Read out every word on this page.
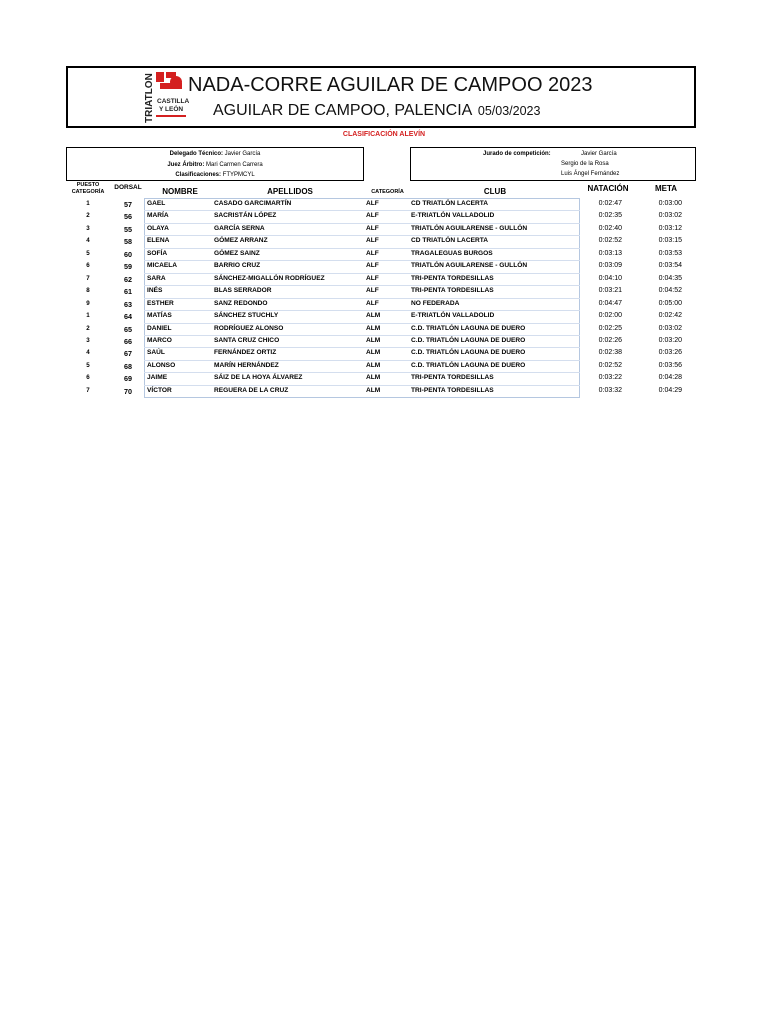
TRIATLON CASTILLA
Y LEÓN
NADA-CORRE AGUILAR DE CAMPOO 2023
AGUILAR DE CAMPOO, PALENCIA 05/03/2023
CLASIFICACIÓN ALEVÍN
Delegado Técnico:
Javier García
Juez Árbitro:
Mari Carmen Carrera
Clasificaciones:
FTYPMCYL
Jurado de competición:	Javier García
Sergio de la Rosa
Luis Ángel Fernández
PUESTO
CATEGORÍA
DORSAL	NOMBRE	APELLIDOS	CATEGORÍA	CLUB	NATACIÓN	META
1	57	GAEL	CASADO GARCIMARTÍN	ALF	CD TRIATLÓN LACERTA	0:02:47	0:03:00
2	56	MARÍA	SACRISTÁN LÓPEZ	ALF	E-TRIATLÓN VALLADOLID	0:02:35	0:03:02
3	55	OLAYA	GARCÍA SERNA	ALF	TRIATLÓN AGUILARENSE - GULLÓN	0:02:40	0:03:12
4	58	ELENA	GÓMEZ ARRANZ	ALF	CD TRIATLÓN LACERTA	0:02:52	0:03:15
5	60	SOFÍA	GÓMEZ SAINZ	ALF	TRAGALEGUAS BURGOS	0:03:13	0:03:53
6	59	MICAELA	BARRIO CRUZ	ALF	TRIATLÓN AGUILARENSE - GULLÓN	0:03:09	0:03:54
7	62	SARA	SÁNCHEZ-MIGALLÓN RODRÍGUEZ	ALF	TRI-PENTA TORDESILLAS	0:04:10	0:04:35
8	61	INÉS	BLAS SERRADOR	ALF	TRI-PENTA TORDESILLAS	0:03:21	0:04:52
9	63	ESTHER	SANZ REDONDO	ALF	NO FEDERADA	0:04:47	0:05:00
1	64	MATÍAS	SÁNCHEZ STUCHLY	ALM	E-TRIATLÓN VALLADOLID	0:02:00	0:02:42
2	65	DANIEL	RODRÍGUEZ ALONSO	ALM	C.D. TRIATLÓN LAGUNA DE DUERO	0:02:25	0:03:02
3	66	MARCO	SANTA CRUZ CHICO	ALM	C.D. TRIATLÓN LAGUNA DE DUERO	0:02:26	0:03:20
4	67	SAÚL	FERNÁNDEZ ORTIZ	ALM	C.D. TRIATLÓN LAGUNA DE DUERO	0:02:38	0:03:26
5	68	ALONSO	MARÍN HERNÁNDEZ	ALM	C.D. TRIATLÓN LAGUNA DE DUERO	0:02:52	0:03:56
6	69	JAIME	SÁIZ DE LA HOYA ÁLVAREZ	ALM	TRI-PENTA TORDESILLAS	0:03:22	0:04:28
7	70	VÍCTOR	REGUERA DE LA CRUZ	ALM	TRI-PENTA TORDESILLAS	0:03:32	0:04:29
